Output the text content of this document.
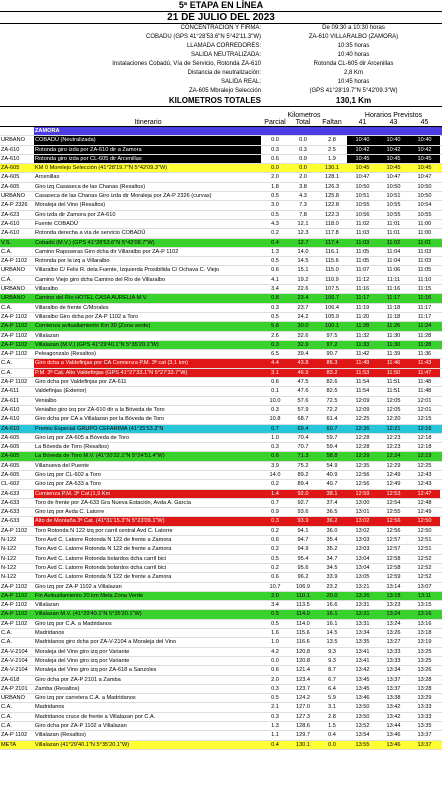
5ª ETAPA EN LÍNEA
21 DE JULIO DEL 2023
CONCENTRACIÓN Y FIRMA:	De 09:30 a 10:30 horas
COBADÚ (GPS 41°28'53.6"N 5°42'11.3"W)	ZA-610 VILLARALBO (ZAMORA)
LLAMADA CORREDORES:	10:35 horas
SALIDA NEUTRALIZADA:	10:40 horas
Instalaciones Cobadú, Vía de Servicio, Rotonda ZA-610	Rotonda CL-605 dir Arcenillas
Distancia de neutralización:	2,8 Km
SALIDA REAL:	10:45 horas
ZA-605 Mbralejo Selección	(GPS 41°28'19.7"N 5°42'09.3"W)
KILOMETROS TOTALES	130,1 Km
Itinerario
Kilometros
Parcial	Total	Faltan
Horarios Previstos
41	43	45
ZAMORA
URBANO	COBADÚ (Neutralizada)	0.0	0.0	2.8	10:40	10:40	10:40
ZA-610	Rotonda giro izda por ZA-610 dir a Zamora	0.3	0.3	2.5	10:42	10:42	10:42
ZA-610	Rotonda giro izda por CL-605 dir Arcenillas	0.6	0.9	1.9	10:45	10:45	10:45
ZA-605	KM 0 Morelejo Selección (41°28'19.7"N 5°42'09.3"W)	0.0	0.0	130.1	10:45	10:45	10:45
ZA-605	Arcenillas	2.0	2.0	128.1	10:47	10:47	10:47
ZA-605	Giro izq Casaseca de las Chanas (Resaltos)	1.8	3.8	126.3	10:50	10:50	10:50
URBANO	Casaseca de las Chanas Giro izda dir Moraleja por ZA-P 2326 (curvas)	0.5	4.3	125.8	10:51	10:51	10:50
ZA-P 2326	Moraleja del Vino (Resaltos)	3.0	7.3	122.8	10:55	10:55	10:54
ZA-623	Giro izda dir Zamora por ZA-610	0.5	7.8	122.3	10:56	10:55	10:55
ZA-610	Fuente COBADÚ	4.3	12.1	118.0	11:02	11:01	11:00
ZA-610	Rotonda derecha a vía de servicio COBADÚ	0.2	12.3	117.8	11:03	11:01	11:00
V.S.	Cobadú (M.V.) (GPS 41°28'53.6"N 5°42'08.7"W)	0.4	12.7	117.4	11:03	11:02	11:01
C.A.	Camino Raposeras Giro dcha dir Villaralbo por ZA-P 1102	1.3	14.0	116.1	11:05	11:04	11:03
ZA-P 1102	Rotonda por la izq a Villaralbo	0.5	14.5	115.6	11:05	11:04	11:03
URBANO	Villaralbo C/ Felix R. dela Fuente, Izquierda Prosibilida C/ Ochava C. Viejo	0.6	15.1	115.0	11:07	11:06	11:05
C.A.	Camino Viejo giro dcha Camino del Río de Villaralbo	4.1	19.2	110.9	11:12	11:11	11:10
URBANO	Villaralbo	3.4	22.6	107.5	11:16	11:16	11:15
URBANO	Camino del Río HOTEL CASA AURELIA M.V.	0.8	23.4	106.7	11:17	11:17	11:16
C.A.	Villaralbo de frente C/Morales	0.3	23.7	106.4	11:19	11:18	11:17
ZA-P 1102	Villaralbo Giro dcha por ZA-P 1102 a Toro	0.5	24.2	105.9	11:20	11:18	11:17
ZA-P 1102	Comienza avituallamiento Km 30 (Zona verde)	5.8	30.0	100.1	11:28	11:26	11:24
ZA-P 1102	Villalazan	2.6	32.6	97.5	11:32	11:30	11:28
ZA-P 1102	Villalazan (M.V.) (GPS 41°29'40.1"N 5°35'20.1"W)	0.3	32.9	97.2	11:33	11:30	11:28
ZA-P 1102	Peleagonzalo (Resaltos)	6.5	39.4	90.7	11:42	11:39	11:36
C.A.	Giro dcha a Valdefinjas por CA Comienza P.M. 3ª cat (3,1 km)	4.4	43.8	86.3	11:49	11:46	11:43
C.A.	P.M. 3ª Cat. Alto Valdefinjas (GPS 41°27'33.1"N 5°27'33.7"W)	3.1	46.9	83.2	11:53	11:50	11:47
ZA-P 1102	Giro dcha por Valdefinjas por ZA-611	0.6	47.5	82.6	11:54	11:51	11:48
ZA-611	Valdefinjas (Exterior)	0.1	47.6	82.5	11:54	11:51	11:48
ZA-611	Venialbo	10.0	57.6	72.5	12:09	12:05	12:01
ZA-610	Venialbo giro izq por ZA-610 dir a la Bóveda de Toro	0.3	57.9	72.2	12:09	12:05	12:01
ZA-610	Giro dcha por CA a Villalazan por la Bóveda de Toro	10.8	68.7	61.4	12:25	12:20	12:15
ZA-610	Premio Especial GRUPO CEFARIMA (41°25'53.3"N	0.7	69.4	60.7	12:26	12:21	12:16
ZA-605	Giro izq por ZA-605 a Bóveda de Toro	1.0	70.4	59.7	12:28	12:23	12:18
ZA-605	La Bóveda de Toro (Resaltos)	0.3	70.7	59.4	12:28	12:23	12:18
ZA-605	La Bóveda de Toro M.V. (41°20'32.1"N 5°24'51.4"W)	0.6	71.3	58.8	12:29	12:24	12:19
ZA-605	Villanueva del Puente	3.9	75.2	54.9	12:35	12:29	12:25
ZA-605	Giro izq por CL-602 a Toro	14.0	89.2	40.9	12:56	12:49	12:43
CL-602	Giro izq por ZA-633 a Toro	0.2	89.4	40.7	12:56	12:49	12:43
ZA-633	Comienza P.M. 3ª Cat.|1,9 Km	1.4	92.0	38.1	12:59	12:53	12:47
ZA-633	Toro de frente por ZA-633 Gra Nueva Estación, Avda A. García	0.7	92.7	37.4	13:00	12:54	12:48
ZA-633	Giro izq por Avda C. Latorre	0.9	93.6	36.5	13:01	12:55	12:49
ZA-633	Alto de Montaña 3ª Cat. (41°31'15.3"N 5°23'09.1"W)	0.3	93.9	36.2	13:02	12:56	12:50
ZA-P 1102	Toro Rotonda N 122 izq por carril central Avd C. Latorre	0.2	94.1	36.0	13:02	12:56	12:50
N-122	Toro Avd C. Latorre Rotonda N 122 de frente a Zamora	0.6	94.7	35.4	13:03	12:57	12:51
N-122	Toro Avd C. Latorre Rotonda N 122 de frente a Zamora	0.2	94.9	35.2	13:03	12:57	12:51
N-122	Toro Avd C. Latorre Rotonda bolardos dcha carril bici	0.5	95.4	34.7	13:04	12:58	12:52
N-122	Toro Avd C. Latorre Rotonda bolardos dcha carril bici	0.2	95.6	34.5	13:04	12:58	12:52
N-122	Toro Avd C. Latorre Rotonda N 122 de frente a Zamora	0.6	96.2	33.9	13:05	12:59	12:52
ZA-P 1102	Giro izq por ZA-P 1102 a Villalazan	10.7	106.9	23.2	13:21	13:14	13:07
ZA-P 1102	Fin Avituallamiento 20 km Meta Zona Verde	2.0	110.1	20.0	13:26	13:18	13:11
ZA-P 1102	Villalazan	3.4	113.5	16.6	13:31	13:23	13:15
ZA-P 1102	Villalazan M.V. (41°29'40.1"N 5°35'20.1"W)	0.5	114.0	16.1	13:31	13:24	13:16
ZA-P 1102	Giro izq por C.A. a Madridanos	0.5	114.0	16.1	13:31	13:24	13:16
C.A.	Madridanos	1.6	115.6	14.5	13:34	13:26	13:18
C.A.	Madridanos giro dcha por ZA-V-2104 a Moraleja del Vino	1.0	116.6	13.5	13:35	13:27	13:19
ZA-V-2104	Moraleja del Vino giro izq por Variante	4.2	120.8	9.3	13:41	13:33	13:25
ZA-V-2104	Moraleja del Vino giro izq por Variante	0.0	120.8	9.3	13:41	13:33	13:25
ZA-V-2104	Moraleja del Vino giro izq por ZA-618 a Sanzoles	0.6	121.4	8.7	13:42	13:34	13:26
ZA-618	Giro dcha por ZA-P 2101 a Zamba	2.0	123.4	6.7	13:45	13:37	13:28
ZA-P 2101	Zamba (Resaltos)	0.3	123.7	6.4	13:45	13:37	13:28
URBANO	Giro izq por carretera C.A. a Madridanos	0.5	124.2	5.9	13:46	13:38	13:29
C.A.	Madridanos	2.1	127.0	3.1	13:50	13:42	13:33
C.A.	Madridanos cruce de frente a Villalazan por C.A.	0.3	127.3	2.8	13:50	13:42	13:33
C.A.	Giro dcha por ZA-P 1102 a Villalazan	1.3	128.6	1.5	13:52	13:44	13:35
ZA-P 1102	Villalazan (Resaltos)	1.1	129.7	0.4	13:54	13:46	13:37
META	Villalazan (41°29'40.1"N 5°35'20.1"W)	0.4	130.1	0.0	13:55	13:46	13:37
